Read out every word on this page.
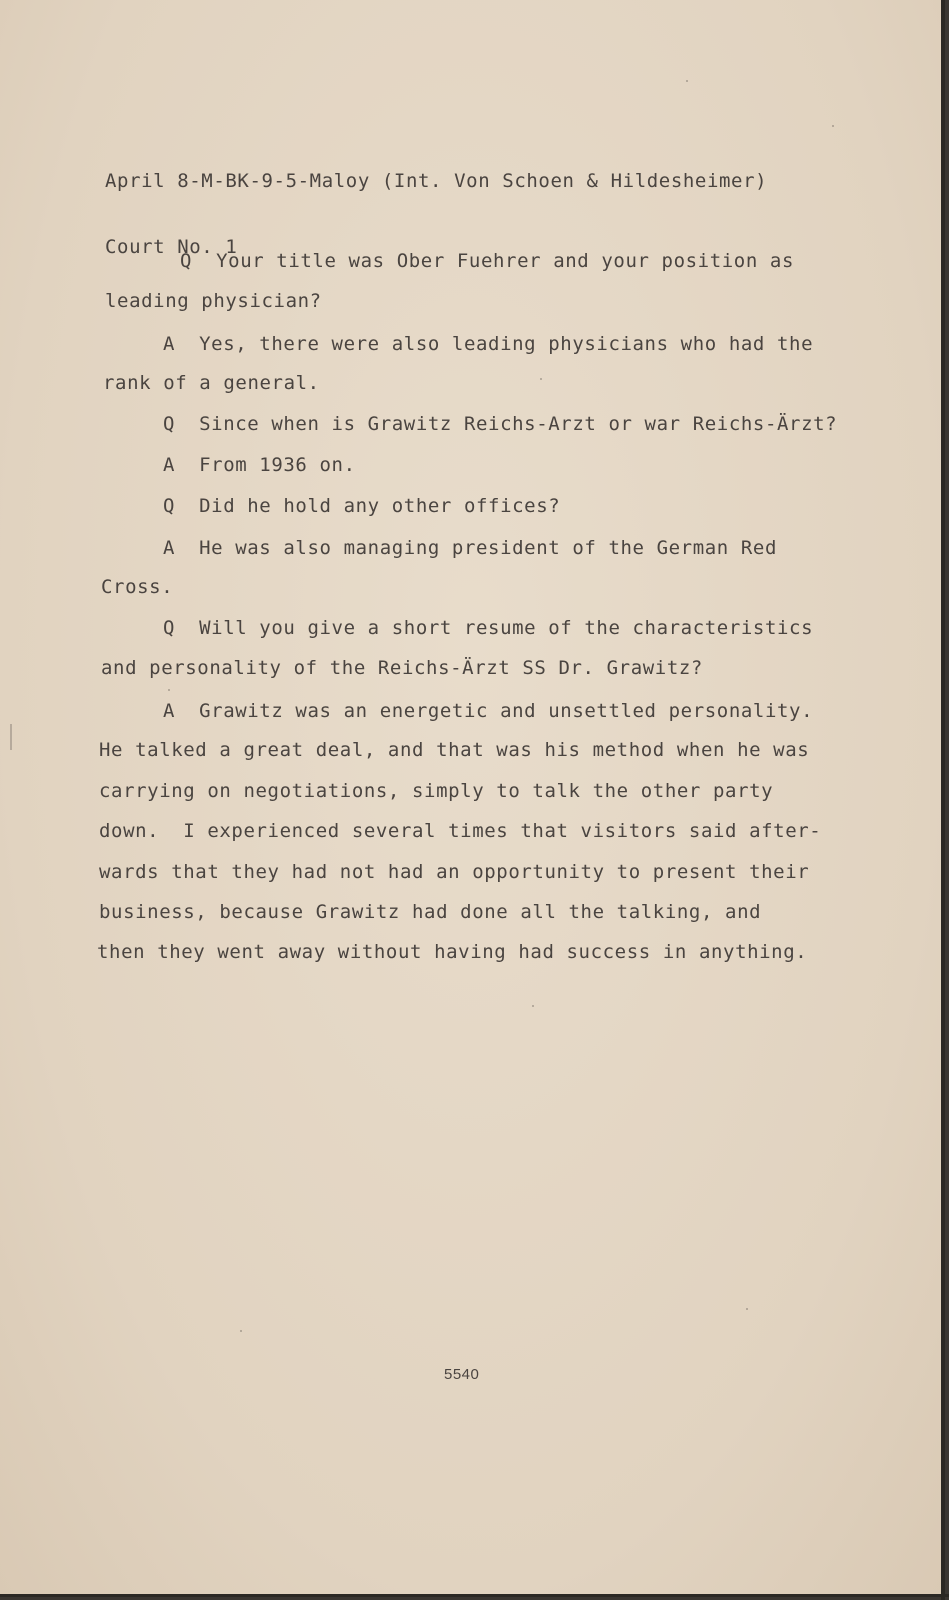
April 8-M-BK-9-5-Maloy (Int. Von Schoen & Hildesheimer)

Court No. 1

Q  Your title was Ober Fuehrer and your position as
leading physician?
A  Yes, there were also leading physicians who had the
rank of a general.
Q  Since when is Grawitz Reichs-Arzt or war Reichs-Ärzt?
A  From 1936 on.
Q  Did he hold any other offices?
A  He was also managing president of the German Red
Cross.
Q  Will you give a short resume of the characteristics
and personality of the Reichs-Ärzt SS Dr. Grawitz?
A  Grawitz was an energetic and unsettled personality.
He talked a great deal, and that was his method when he was
carrying on negotiations, simply to talk the other party
down.  I experienced several times that visitors said after-
wards that they had not had an opportunity to present their
business, because Grawitz had done all the talking, and
then they went away without having had success in anything.
5540
